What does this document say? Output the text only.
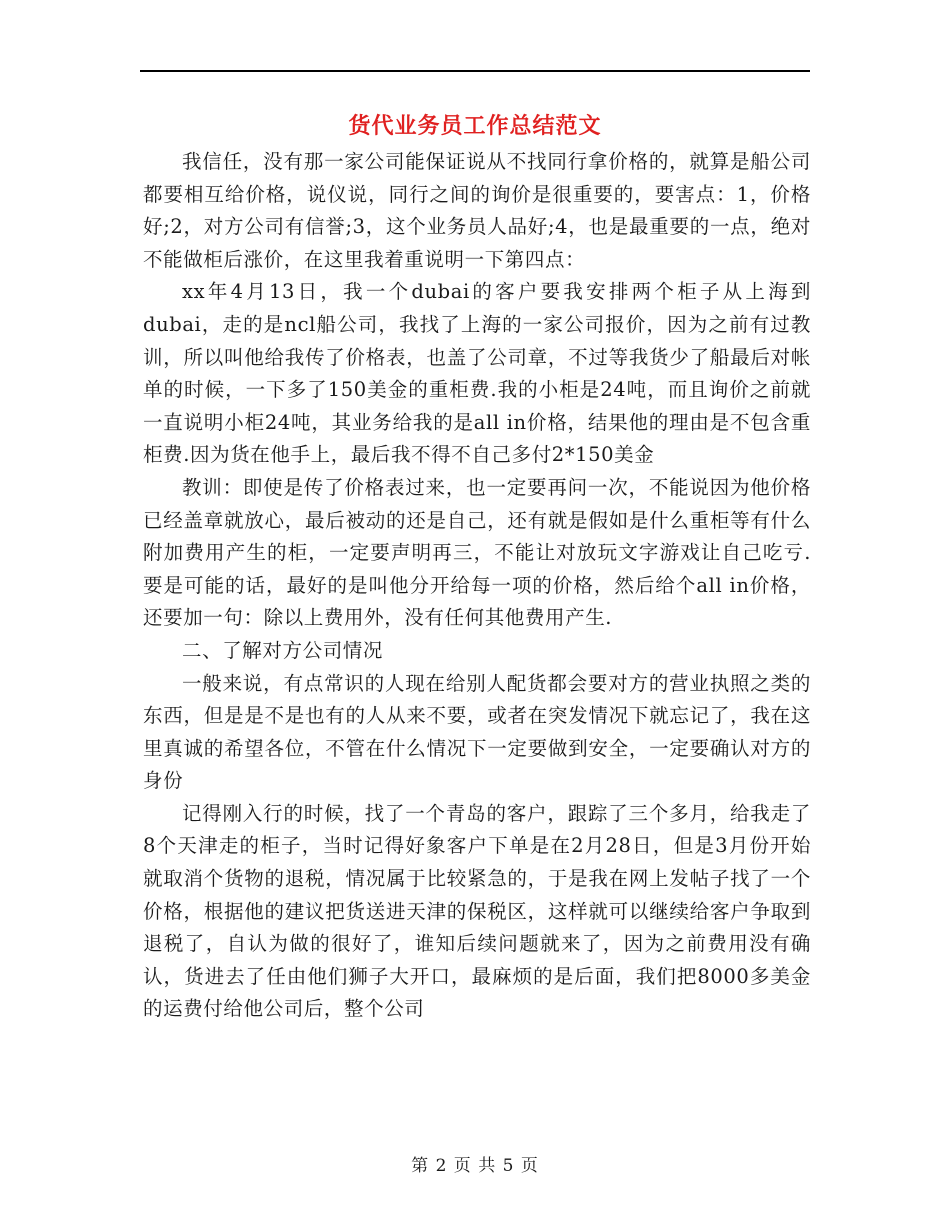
货代业务员工作总结范文

我信任，没有那一家公司能保证说从不找同行拿价格的，就算是船公司都要相互给价格，说仪说，同行之间的询价是很重要的，要害点：1，价格好;2，对方公司有信誉;3，这个业务员人品好;4，也是最重要的一点，绝对不能做柜后涨价，在这里我着重说明一下第四点：

xx年4月13日，我一个dubai的客户要我安排两个柜子从上海到dubai，走的是ncl船公司，我找了上海的一家公司报价，因为之前有过教训，所以叫他给我传了价格表，也盖了公司章，不过等我货少了船最后对帐单的时候，一下多了150美金的重柜费.我的小柜是24吨，而且询价之前就一直说明小柜24吨，其业务给我的是all in价格，结果他的理由是不包含重柜费.因为货在他手上，最后我不得不自己多付2*150美金

教训：即使是传了价格表过来，也一定要再问一次，不能说因为他价格已经盖章就放心，最后被动的还是自己，还有就是假如是什么重柜等有什么附加费用产生的柜，一定要声明再三，不能让对放玩文字游戏让自己吃亏.要是可能的话，最好的是叫他分开给每一项的价格，然后给个all in价格，还要加一句：除以上费用外，没有任何其他费用产生.

二、了解对方公司情况

一般来说，有点常识的人现在给别人配货都会要对方的营业执照之类的东西，但是是不是也有的人从来不要，或者在突发情况下就忘记了，我在这里真诚的希望各位，不管在什么情况下一定要做到安全，一定要确认对方的身份

记得刚入行的时候，找了一个青岛的客户，跟踪了三个多月，给我走了8个天津走的柜子，当时记得好象客户下单是在2月28日，但是3月份开始就取消个货物的退税，情况属于比较紧急的，于是我在网上发帖子找了一个价格，根据他的建议把货送进天津的保税区，这样就可以继续给客户争取到退税了，自认为做的很好了，谁知后续问题就来了，因为之前费用没有确认，货进去了任由他们狮子大开口，最麻烦的是后面，我们把8000多美金的运费付给他公司后，整个公司

第 2 页 共 5 页
